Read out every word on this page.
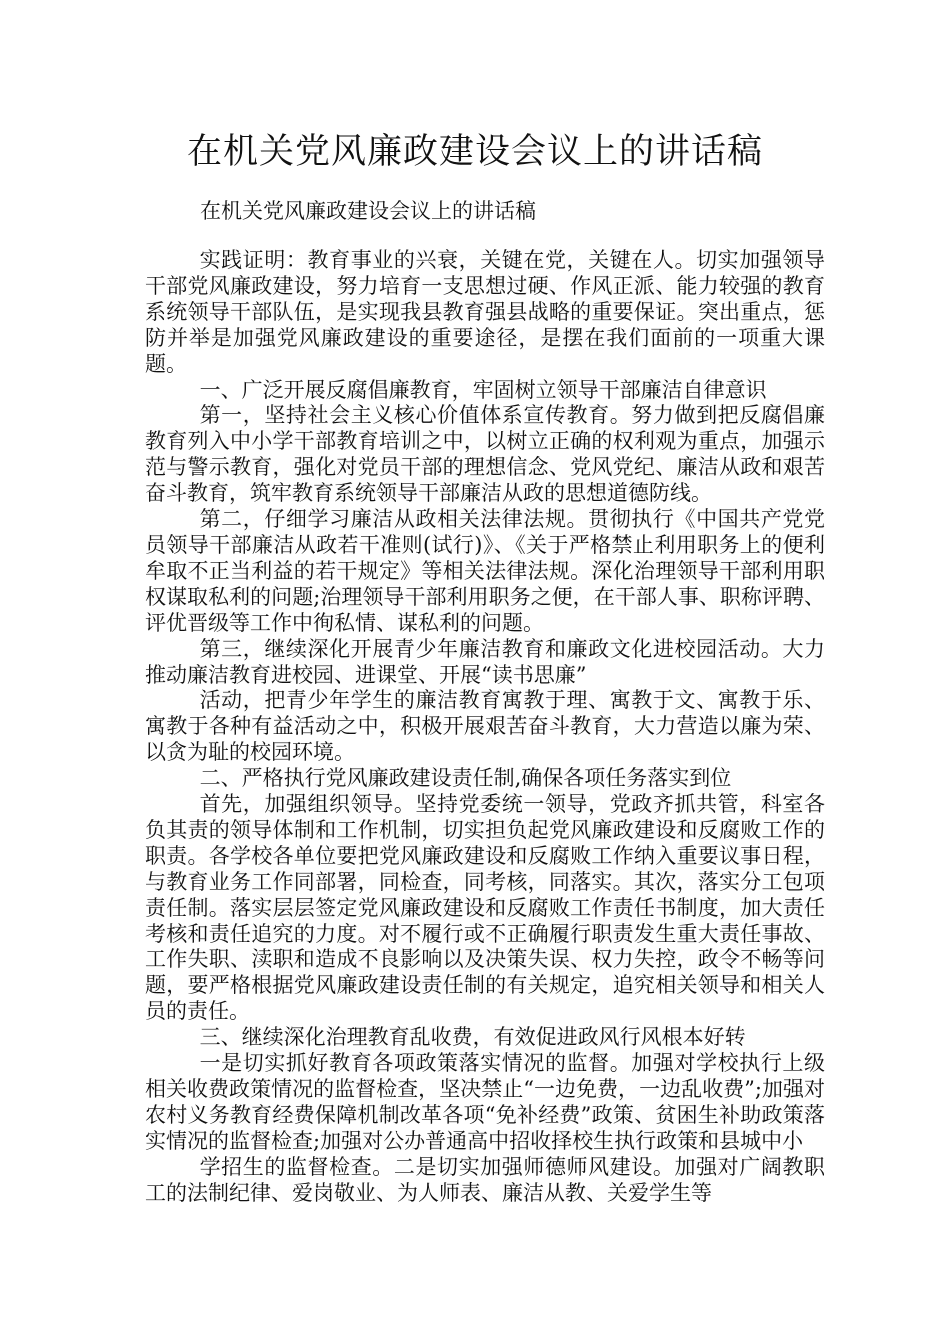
在机关党风廉政建设会议上的讲话稿

在机关党风廉政建设会议上的讲话稿

实践证明：教育事业的兴衰，关键在党，关键在人。切实加强领导干部党风廉政建设，努力培育一支思想过硬、作风正派、能力较强的教育系统领导干部队伍，是实现我县教育强县战略的重要保证。突出重点，惩防并举是加强党风廉政建设的重要途径，是摆在我们面前的一项重大课题。

一、广泛开展反腐倡廉教育，牢固树立领导干部廉洁自律意识

第一，坚持社会主义核心价值体系宣传教育。努力做到把反腐倡廉教育列入中小学干部教育培训之中，以树立正确的权利观为重点，加强示范与警示教育，强化对党员干部的理想信念、党风党纪、廉洁从政和艰苦奋斗教育，筑牢教育系统领导干部廉洁从政的思想道德防线。

第二，仔细学习廉洁从政相关法律法规。贯彻执行《中国共产党党员领导干部廉洁从政若干准则(试行)》、《关于严格禁止利用职务上的便利牟取不正当利益的若干规定》等相关法律法规。深化治理领导干部利用职权谋取私利的问题;治理领导干部利用职务之便，在干部人事、职称评聘、评优晋级等工作中徇私情、谋私利的问题。

第三，继续深化开展青少年廉洁教育和廉政文化进校园活动。大力推动廉洁教育进校园、进课堂、开展“读书思廉”

活动，把青少年学生的廉洁教育寓教于理、寓教于文、寓教于乐、寓教于各种有益活动之中，积极开展艰苦奋斗教育，大力营造以廉为荣、以贪为耻的校园环境。

二、严格执行党风廉政建设责任制,确保各项任务落实到位

首先，加强组织领导。坚持党委统一领导，党政齐抓共管，科室各负其责的领导体制和工作机制，切实担负起党风廉政建设和反腐败工作的职责。各学校各单位要把党风廉政建设和反腐败工作纳入重要议事日程，与教育业务工作同部署，同检查，同考核，同落实。其次，落实分工包项责任制。落实层层签定党风廉政建设和反腐败工作责任书制度，加大责任考核和责任追究的力度。对不履行或不正确履行职责发生重大责任事故、工作失职、渎职和造成不良影响以及决策失误、权力失控，政令不畅等问题，要严格根据党风廉政建设责任制的有关规定，追究相关领导和相关人员的责任。

三、继续深化治理教育乱收费，有效促进政风行风根本好转

一是切实抓好教育各项政策落实情况的监督。加强对学校执行上级相关收费政策情况的监督检查，坚决禁止“一边免费，一边乱收费”;加强对农村义务教育经费保障机制改革各项“免补经费”政策、贫困生补助政策落实情况的监督检查;加强对公办普通高中招收择校生执行政策和县城中小

学招生的监督检查。二是切实加强师德师风建设。加强对广阔教职工的法制纪律、爱岗敬业、为人师表、廉洁从教、关爱学生等
